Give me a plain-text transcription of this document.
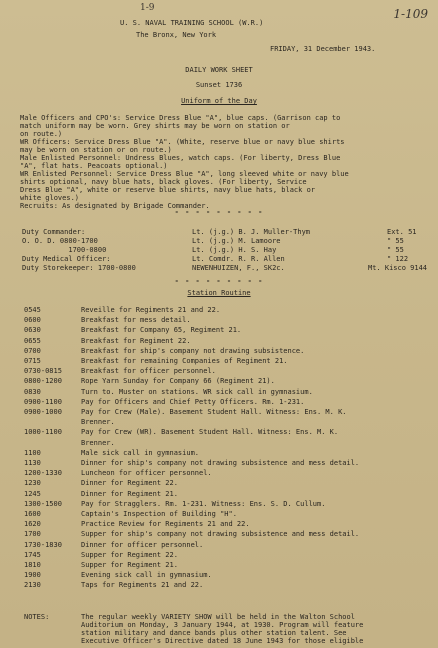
1-9	1-109
U. S. NAVAL TRAINING SCHOOL (W.R.)
The Bronx, New York
FRIDAY, 31 December 1943.
DAILY WORK SHEET
Sunset 1736
Uniform of the Day
Male Officers and CPO's: Service Dress Blue "A", blue caps. (Garrison cap to
match uniform may be worn. Grey shirts may be worn on station or
on route.)
WR Officers: Service Dress Blue "A". (White, reserve blue or navy blue shirts
may be worn on station or on route.)
Male Enlisted Personnel: Undress Blues, watch caps. (For liberty, Dress Blue
"A", flat hats. Peacoats optional.)
WR Enlisted Personnel: Service Dress Blue "A", long sleeved white or navy blue
shirts optional, navy blue hats, black gloves. (For liberty, Service
Dress Blue "A", white or reserve blue shirts, navy blue hats, black or
white gloves.)
Recruits: As designated by Brigade Commander.
- - - - - - - - -
Duty Commander:	Lt. (j.g.) B. J. Muller-Thym	Ext. 51
O. O. D. 0800-1700	Lt. (j.g.) M. Lamoore	" 55
1700-0800	Lt. (j.g.) H. S. Hay	" 55
Duty Medical Officer:	Lt. Comdr. R. R. Allen	" 122
Duty Storekeeper: 1700-0800	NEWENHUIZEN, F., SK2c.	Mt. Kisco 9144
- - - - - - - - -
Station Routine
0545	Reveille for Regiments 21 and 22.
0600	Breakfast for mess detail.
0630	Breakfast for Company 65, Regiment 21.
0655	Breakfast for Regiment 22.
0700	Breakfast for ship's company not drawing subsistence.
0715	Breakfast for remaining Companies of Regiment 21.
0730-0815	Breakfast for officer personnel.
0800-1200	Rope Yarn Sunday for Company 66 (Regiment 21).
0830	Turn to. Muster on stations. WR sick call in gymnasium.
0900-1100	Pay for Officers and Chief Petty Officers. Rm. 1-231.
0900-1000	Pay for Crew (Male). Basement Student Hall. Witness: Ens. M. K.
Brenner.
1000-1100	Pay for Crew (WR). Basement Student Hall. Witness: Ens. M. K.
Brenner.
1100	Male sick call in gymnasium.
1130	Dinner for ship's company not drawing subsistence and mess detail.
1200-1330	Luncheon for officer personnel.
1230	Dinner for Regiment 22.
1245	Dinner for Regiment 21.
1300-1500	Pay for Stragglers. Rm. 1-231. Witness: Ens. S. D. Cullum.
1600	Captain's Inspection of Building "H".
1620	Practice Review for Regiments 21 and 22.
1700	Supper for ship's company not drawing subsistence and mess detail.
1730-1830	Dinner for officer personnel.
1745	Supper for Regiment 22.
1810	Supper for Regiment 21.
1900	Evening sick call in gymnasium.
2130	Taps for Regiments 21 and 22.
NOTES:	The regular weekly VARIETY SHOW will be held in the Walton School
Auditorium on Monday, 3 January 1944, at 1930. Program will feature
station military and dance bands plus other station talent. See
Executive Officer's Directive dated 18 June 1943 for those eligible
